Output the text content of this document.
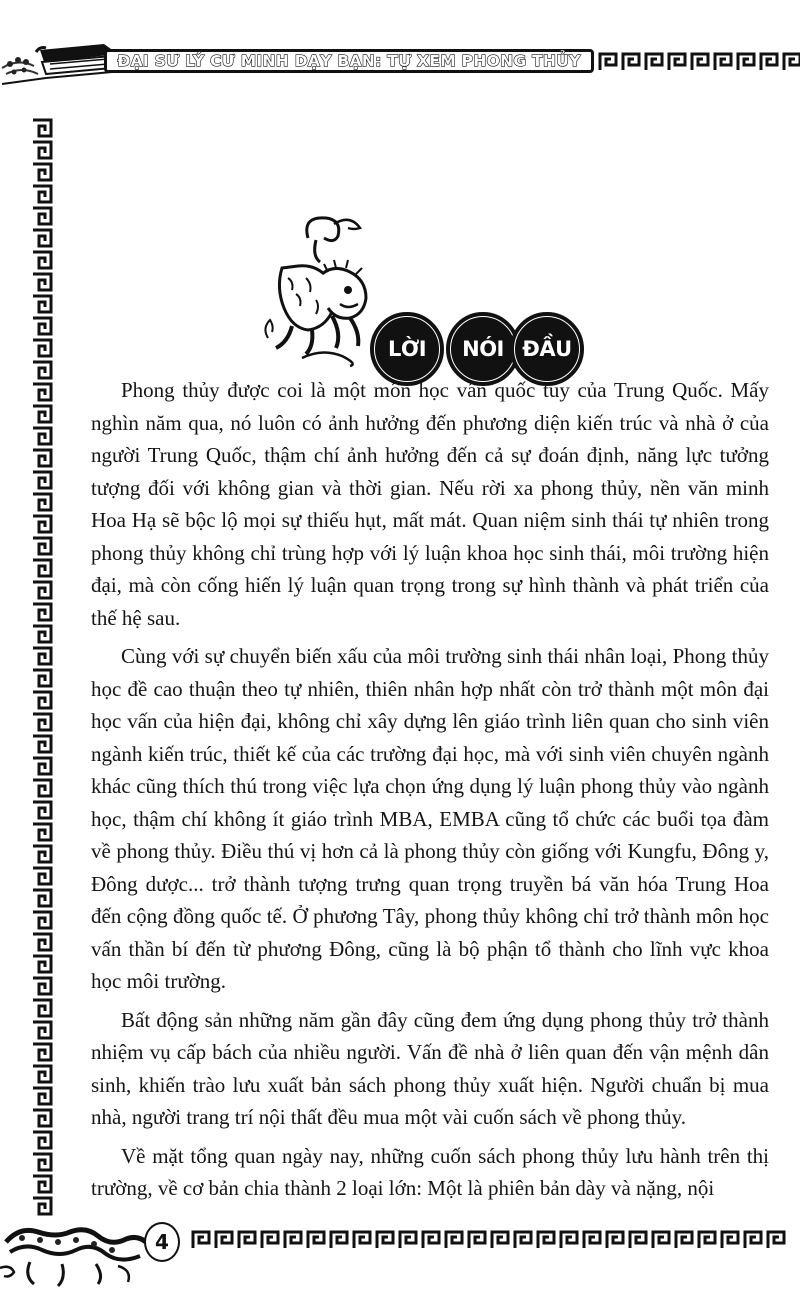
ĐẠI SƯ LÝ CƯ MINH DẠY BẠN: TỰ XEM PHONG THỦY
LỜI	NÓI ĐẦU

Phong thủy được coi là một môn học vấn quốc túy của Trung Quốc. Mấy nghìn năm qua, nó luôn có ảnh hưởng đến phương diện kiến trúc và nhà ở của người Trung Quốc, thậm chí ảnh hưởng đến cả sự đoán định, năng lực tưởng tượng đối với không gian và thời gian. Nếu rời xa phong thủy, nền văn minh Hoa Hạ sẽ bộc lộ mọi sự thiếu hụt, mất mát. Quan niệm sinh thái tự nhiên trong phong thủy không chỉ trùng hợp với lý luận khoa học sinh thái, môi trường hiện đại, mà còn cống hiến lý luận quan trọng trong sự hình thành và phát triển của thế hệ sau.

Cùng với sự chuyển biến xấu của môi trường sinh thái nhân loại, Phong thủy học đề cao thuận theo tự nhiên, thiên nhân hợp nhất còn trở thành một môn đại học vấn của hiện đại, không chỉ xây dựng lên giáo trình liên quan cho sinh viên ngành kiến trúc, thiết kế của các trường đại học, mà với sinh viên chuyên ngành khác cũng thích thú trong việc lựa chọn ứng dụng lý luận phong thủy vào ngành học, thậm chí không ít giáo trình MBA, EMBA cũng tổ chức các buổi tọa đàm về phong thủy. Điều thú vị hơn cả là phong thủy còn giống với Kungfu, Đông y, Đông dược... trở thành tượng trưng quan trọng truyền bá văn hóa Trung Hoa đến cộng đồng quốc tế. Ở phương Tây, phong thủy không chỉ trở thành môn học vấn thần bí đến từ phương Đông, cũng là bộ phận tổ thành cho lĩnh vực khoa học môi trường.

Bất động sản những năm gần đây cũng đem ứng dụng phong thủy trở thành nhiệm vụ cấp bách của nhiều người. Vấn đề nhà ở liên quan đến vận mệnh dân sinh, khiến trào lưu xuất bản sách phong thủy xuất hiện. Người chuẩn bị mua nhà, người trang trí nội thất đều mua một vài cuốn sách về phong thủy.

Về mặt tổng quan ngày nay, những cuốn sách phong thủy lưu hành trên thị trường, về cơ bản chia thành 2 loại lớn: Một là phiên bản dày và nặng, nội

4
